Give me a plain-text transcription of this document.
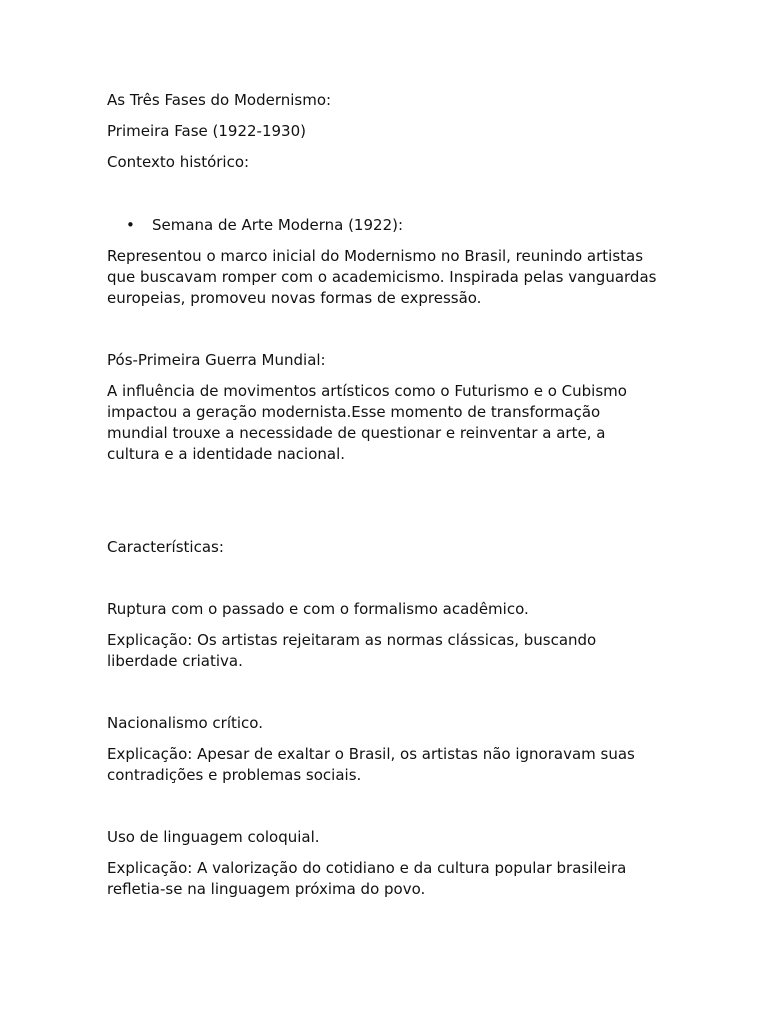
As Três Fases do Modernismo:

Primeira Fase (1922-1930)

Contexto histórico:

• Semana de Arte Moderna (1922):
Representou o marco inicial do Modernismo no Brasil, reunindo artistas
que buscavam romper com o academicismo. Inspirada pelas vanguardas
europeias, promoveu novas formas de expressão.

Pós-Primeira Guerra Mundial:

A influência de movimentos artísticos como o Futurismo e o Cubismo
impactou a geração modernista.Esse momento de transformação
mundial trouxe a necessidade de questionar e reinventar a arte, a
cultura e a identidade nacional.

Características:

Ruptura com o passado e com o formalismo acadêmico.

Explicação: Os artistas rejeitaram as normas clássicas, buscando
liberdade criativa.

Nacionalismo crítico.

Explicação: Apesar de exaltar o Brasil, os artistas não ignoravam suas
contradições e problemas sociais.

Uso de linguagem coloquial.

Explicação: A valorização do cotidiano e da cultura popular brasileira
refletia-se na linguagem próxima do povo.
